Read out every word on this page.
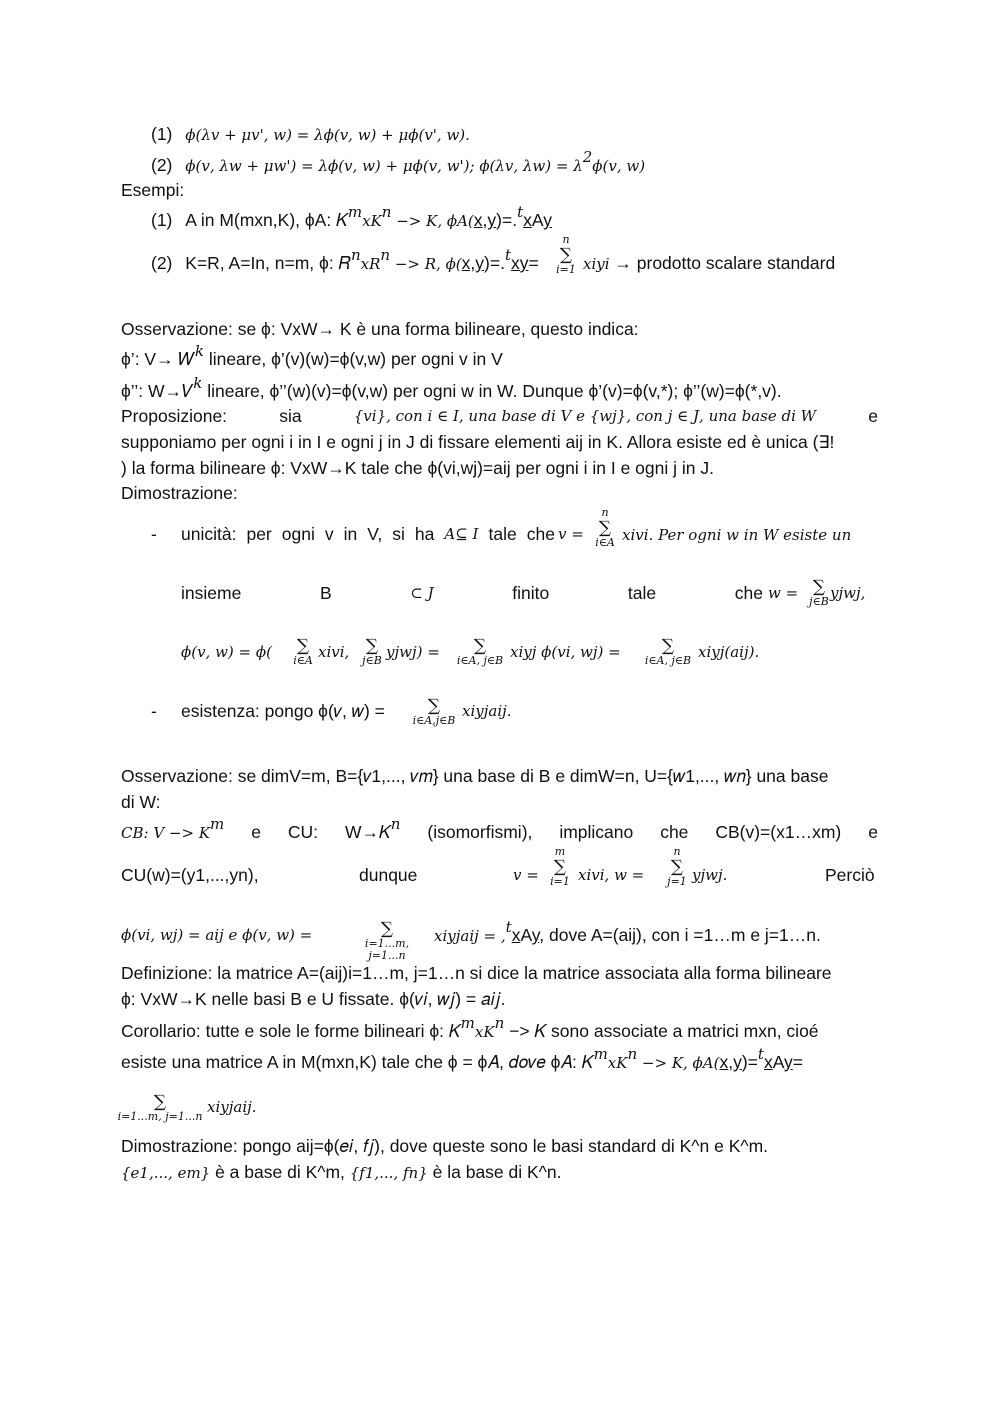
(1) ϕ(λ𝑣 + μ𝑣', 𝑤) = λϕ(𝑣, 𝑤) + μϕ(𝑣', 𝑤).
(2) ϕ(𝑣, λ𝑤 + μ𝑤') = λϕ(𝑣, 𝑤) + μϕ(𝑣, 𝑤'); ϕ(λ𝑣, λ𝑤) = $\lambda^2\phi(𝑣$, 𝑤)
Esempi:
(1) A in M(mxn,K), ϕA: 𝐾$^𝑚$𝑥𝐾$^𝑛$ −> 𝐾, ϕ𝐴(x,y)=.$^𝑡$xAy
(2) K=R, A=In, n=m, ϕ: 𝑅$^𝑛$𝑥𝑅$^𝑛$ −> 𝑅, ϕ(x,y)=.$^𝑡$xy=
𝑛
∑
𝑖=1 𝑥𝑖𝑦𝑖 → prodotto scalare standard
Osservazione: se ϕ: VxW→ K è una forma bilineare, questo indica:
ϕ’: V→ 𝑊$^𝑘$ lineare, ϕ’(v)(w)=ϕ(v,w) per ogni v in V
ϕ’’: W→𝑉$^𝑘$ lineare, ϕ’’(w)(v)=ϕ(v,w) per ogni w in W. Dunque ϕ’(v)=ϕ(v,*); ϕ’’(w)=ϕ(*,v).
Proposizione:	sia	{𝑣𝑖}, 𝑐𝑜𝑛 𝑖 ∈ 𝐼, 𝑢𝑛𝑎 𝑏𝑎𝑠𝑒 𝑑𝑖 𝑉 𝑒 {𝑤𝑗}, 𝑐𝑜𝑛 𝑗 ∈ 𝐽, 𝑢𝑛𝑎 𝑏𝑎𝑠𝑒 𝑑𝑖 𝑊	e
supponiamo per ogni i in I e ogni j in J di fissare elementi aij in K. Allora esiste ed è unica (∃!
) la forma bilineare ϕ: VxW→K tale che ϕ(vi,wj)=aij per ogni i in I e ogni j in J.
Dimostrazione:
- unicità: per ogni v in V, si ha A⊆ 𝐼 tale che 𝑣 =
𝑛
∑
𝑖∈𝐴 𝑥𝑖𝑣𝑖. Per ogni w in W esiste un
insieme	B	⊂ 𝐽	finito	tale	che 𝑤 = ∑
𝑗∈𝐵 𝑦𝑗𝑤𝑗,
ϕ(𝑣, 𝑤) = ϕ(	∑
𝑖∈𝐴 𝑥𝑖𝑣𝑖, ∑
𝑗∈𝐵 𝑦𝑗𝑤𝑗) =	∑
𝑖∈𝐴, 𝑗∈𝐵 𝑥𝑖𝑦𝑗 ϕ(𝑣𝑖, 𝑤𝑗) =	∑
𝑖∈𝐴, 𝑗∈𝐵 𝑥𝑖𝑦𝑗(𝑎𝑖𝑗).
- esistenza: pongo ϕ(𝑣, 𝑤) =	∑
𝑖∈𝐴,𝑗∈𝐵
𝑥𝑖𝑦𝑗𝑎𝑖𝑗.
Osservazione: se dimV=m, B={𝑣1,..., 𝑣𝑚} una base di B e dimW=n, U={𝑤1,..., 𝑤𝑛} una base
di W:
𝐶𝐵: 𝑉 −> 𝐾$^𝑚$ e CU: W→𝐾$^𝑛$ (isomorfismi), implicano che CB(v)=(x1…xm) e
CU(w)=(y1,...,yn),	dunque	𝑣 =
𝑚
∑
𝑖=1 𝑥𝑖𝑣𝑖, 𝑤 =
𝑛
∑
𝑗=1 𝑦𝑗𝑤𝑗.	Perciò
ϕ(𝑣𝑖, 𝑤𝑗) = 𝑎𝑖𝑗 𝑒 ϕ(𝑣, 𝑤) =	∑
𝑖=1...𝑚, 𝑗=1...𝑛
𝑥𝑖𝑦𝑗𝑎𝑖𝑗 = ,$^𝑡$xAy, dove A=(aij), con i =1…m e j=1…n.
Definizione: la matrice A=(aij)i=1…m, j=1…n si dice la matrice associata alla forma bilineare
ϕ: VxW→K nelle basi B e U fissate. ϕ(𝑣𝑖, 𝑤𝑗) = 𝑎𝑖𝑗.
Corollario: tutte e sole le forme bilineari ϕ: 𝐾$^𝑚$𝑥𝐾$^𝑛$ −> 𝐾 sono associate a matrici mxn, cioé
esiste una matrice A in M(mxn,K) tale che ϕ = ϕ𝐴, 𝑑𝑜𝑣𝑒 ϕ𝐴: 𝐾$^𝑚$𝑥𝐾$^𝑛$ −> 𝐾, ϕ𝐴(x,y)=$^𝑡$xAy=
∑
𝑖=1...𝑚, 𝑗=1...𝑛
𝑥𝑖𝑦𝑗𝑎𝑖𝑗.
Dimostrazione: pongo aij=ϕ(𝑒𝑖, 𝑓𝑗), dove queste sono le basi standard di K^n e K^m.
{𝑒1,..., 𝑒𝑚} è a base di K^m, {𝑓1,..., 𝑓𝑛} è la base di K^n.
